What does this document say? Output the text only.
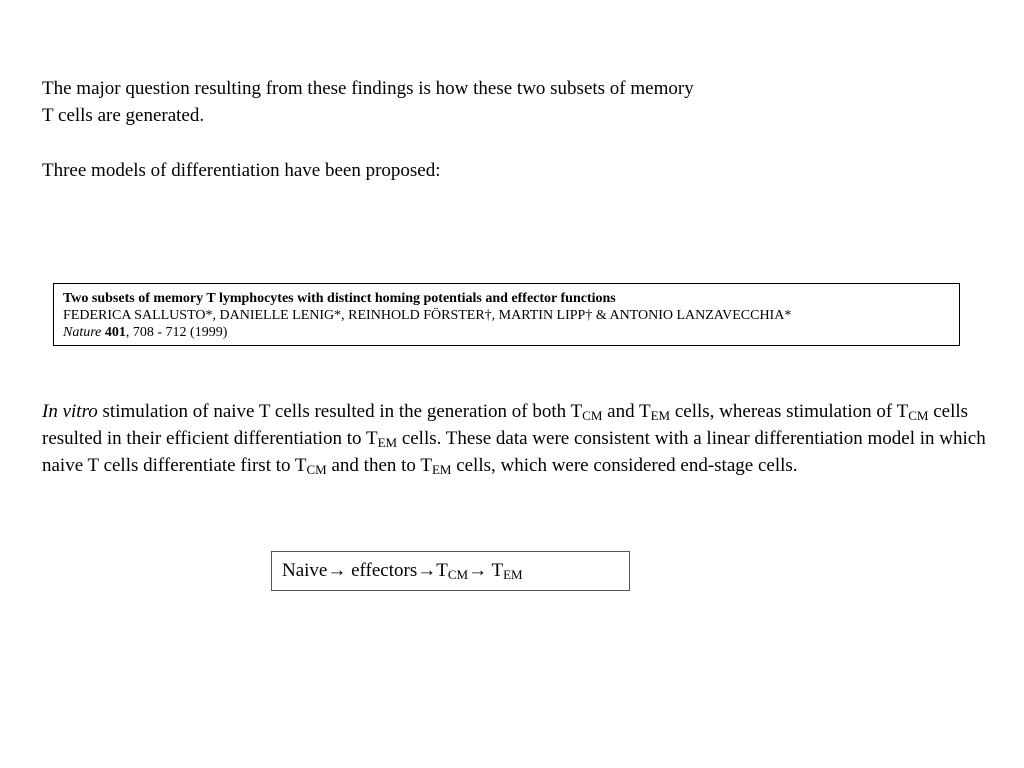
The major question resulting from these findings is how these two subsets of memory
T cells are generated.

Three models of differentiation have been proposed:

Two subsets of memory T lymphocytes with distinct homing potentials and effector functions
FEDERICA SALLUSTO*, DANIELLE LENIG*, REINHOLD FÖRSTER†, MARTIN LIPP† & ANTONIO LANZAVECCHIA*
Nature 401, 708 - 712 (1999)

In vitro stimulation of naive T cells resulted in the generation of both $T_{CM}$ and $T_{EM}$ cells, whereas stimulation of $T_{CM}$ cells resulted in their efficient differentiation to $T_{EM}$ cells. These data were consistent with a linear differentiation model in which naive T cells differentiate first to $T_{CM}$ and then to $T_{EM}$ cells, which were considered end-stage cells.

Naive→ $effectors\to T_{CM}\to T_{EM}$
